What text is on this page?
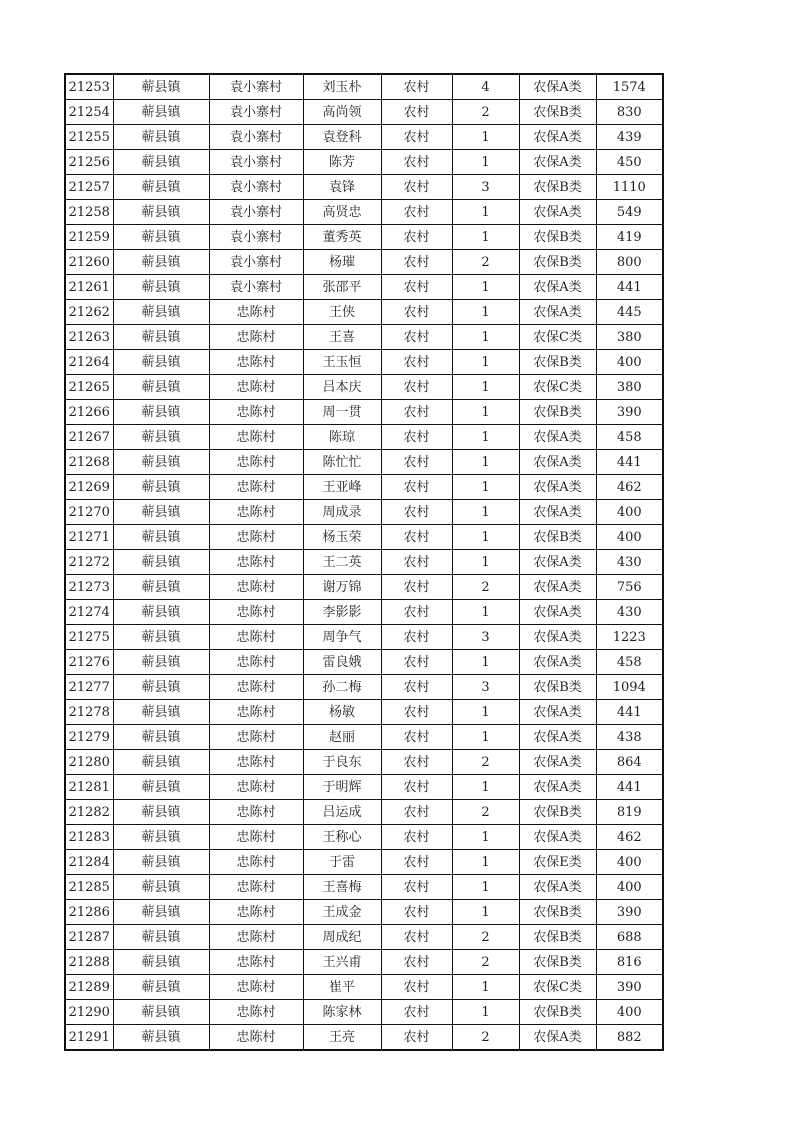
21253	蕲县镇	袁小寨村	刘玉朴	农村	4	农保A类	1574
21254	蕲县镇	袁小寨村	高尚领	农村	2	农保B类	830
21255	蕲县镇	袁小寨村	袁登科	农村	1	农保A类	439
21256	蕲县镇	袁小寨村	陈芳	农村	1	农保A类	450
21257	蕲县镇	袁小寨村	袁锋	农村	3	农保B类	1110
21258	蕲县镇	袁小寨村	高贤忠	农村	1	农保A类	549
21259	蕲县镇	袁小寨村	董秀英	农村	1	农保B类	419
21260	蕲县镇	袁小寨村	杨璀	农村	2	农保B类	800
21261	蕲县镇	袁小寨村	张邵平	农村	1	农保A类	441
21262	蕲县镇	忠陈村	王侠	农村	1	农保A类	445
21263	蕲县镇	忠陈村	王喜	农村	1	农保C类	380
21264	蕲县镇	忠陈村	王玉恒	农村	1	农保B类	400
21265	蕲县镇	忠陈村	吕本庆	农村	1	农保C类	380
21266	蕲县镇	忠陈村	周一贯	农村	1	农保B类	390
21267	蕲县镇	忠陈村	陈琼	农村	1	农保A类	458
21268	蕲县镇	忠陈村	陈忙忙	农村	1	农保A类	441
21269	蕲县镇	忠陈村	王亚峰	农村	1	农保A类	462
21270	蕲县镇	忠陈村	周成录	农村	1	农保A类	400
21271	蕲县镇	忠陈村	杨玉荣	农村	1	农保B类	400
21272	蕲县镇	忠陈村	王二英	农村	1	农保A类	430
21273	蕲县镇	忠陈村	谢万锦	农村	2	农保A类	756
21274	蕲县镇	忠陈村	李影影	农村	1	农保A类	430
21275	蕲县镇	忠陈村	周争气	农村	3	农保A类	1223
21276	蕲县镇	忠陈村	雷良娥	农村	1	农保A类	458
21277	蕲县镇	忠陈村	孙二梅	农村	3	农保B类	1094
21278	蕲县镇	忠陈村	杨敏	农村	1	农保A类	441
21279	蕲县镇	忠陈村	赵丽	农村	1	农保A类	438
21280	蕲县镇	忠陈村	于良东	农村	2	农保A类	864
21281	蕲县镇	忠陈村	于明辉	农村	1	农保A类	441
21282	蕲县镇	忠陈村	吕运成	农村	2	农保B类	819
21283	蕲县镇	忠陈村	王称心	农村	1	农保A类	462
21284	蕲县镇	忠陈村	于雷	农村	1	农保E类	400
21285	蕲县镇	忠陈村	王喜梅	农村	1	农保A类	400
21286	蕲县镇	忠陈村	王成金	农村	1	农保B类	390
21287	蕲县镇	忠陈村	周成纪	农村	2	农保B类	688
21288	蕲县镇	忠陈村	王兴甫	农村	2	农保B类	816
21289	蕲县镇	忠陈村	崔平	农村	1	农保C类	390
21290	蕲县镇	忠陈村	陈家林	农村	1	农保B类	400
21291	蕲县镇	忠陈村	王亮	农村	2	农保A类	882
